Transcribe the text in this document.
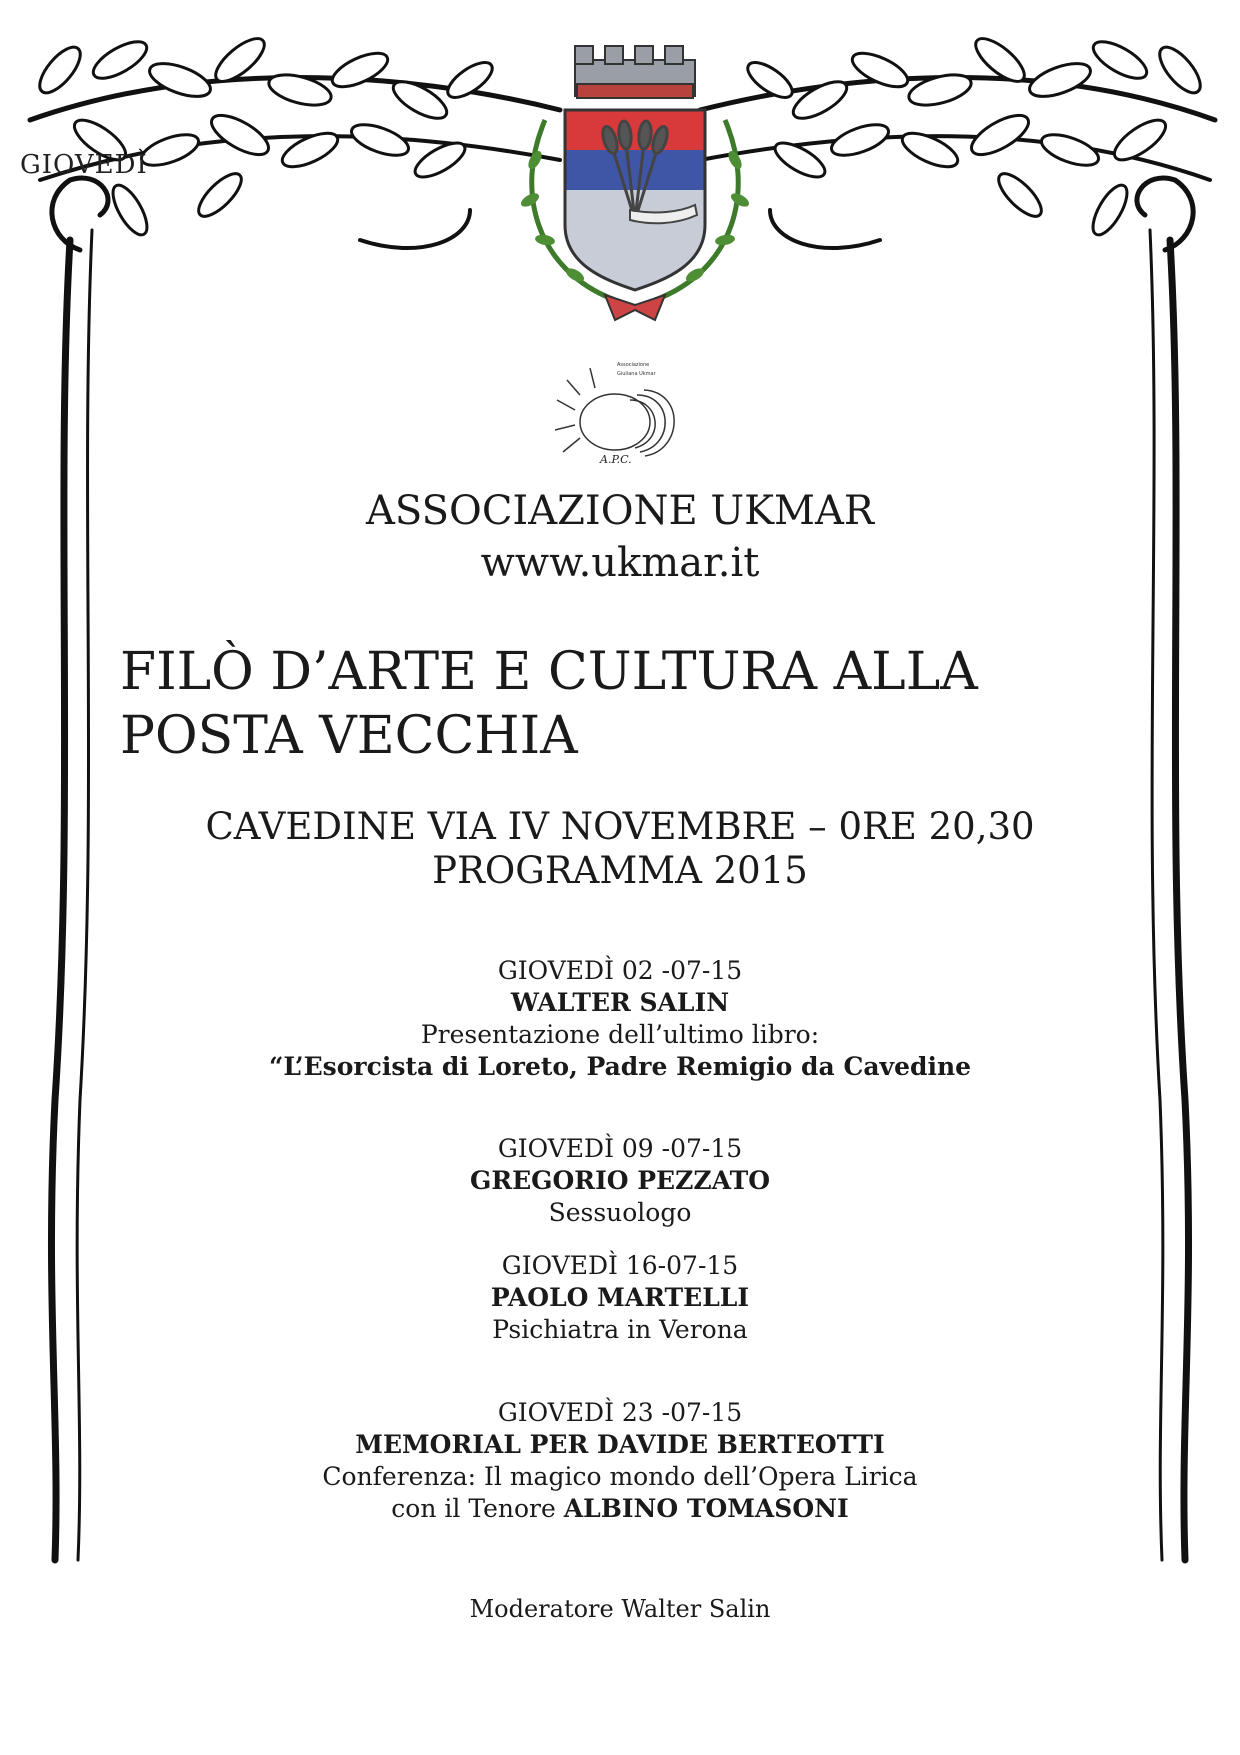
GIOVEDÌ
Associazione
Giuliana Ukmar
A.P.C.
ASSOCIAZIONE UKMAR
www.ukmar.it
FILÒ D’ARTE E CULTURA ALLA
POSTA VECCHIA
CAVEDINE VIA IV NOVEMBRE – 0RE 20,30
PROGRAMMA 2015
GIOVEDÌ 02 -07-15
WALTER SALIN
Presentazione dell’ultimo libro:
“L’Esorcista di Loreto, Padre Remigio da Cavedine
GIOVEDÌ 09 -07-15
GREGORIO PEZZATO
Sessuologo
GIOVEDÌ 16-07-15
PAOLO MARTELLI
Psichiatra in Verona
GIOVEDÌ 23 -07-15
MEMORIAL PER DAVIDE BERTEOTTI
Conferenza: Il magico mondo dell’Opera Lirica
con il Tenore ALBINO TOMASONI
Moderatore Walter Salin
